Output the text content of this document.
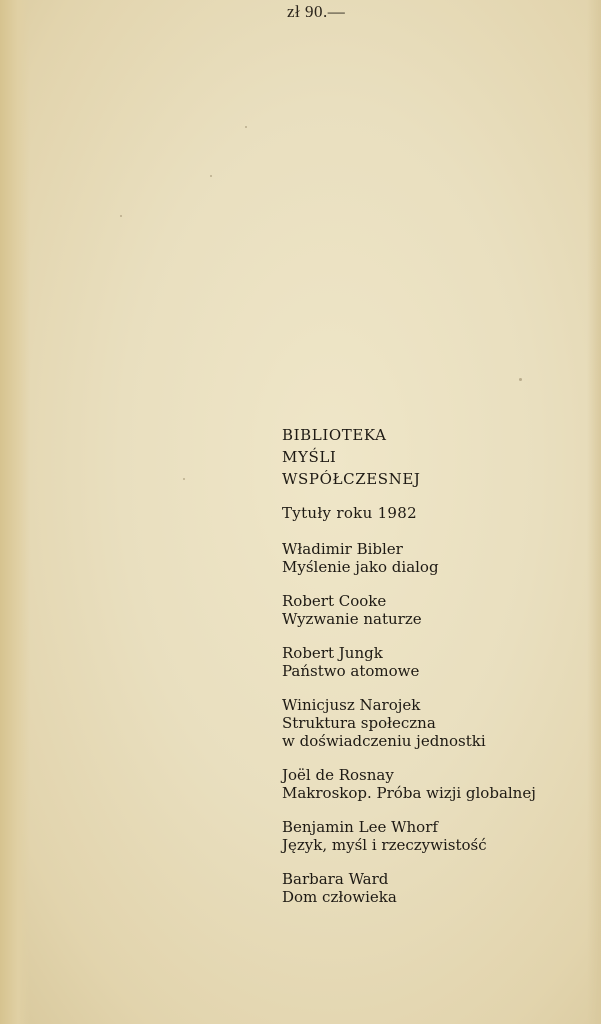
zł 90.—
BIBLIOTEKA
MYŚLI
WSPÓŁCZESNEJ
Tytuły roku 1982
Władimir Bibler
Myślenie jako dialog
Robert Cooke
Wyzwanie naturze
Robert Jungk
Państwo atomowe
Winicjusz Narojek
Struktura społeczna
w doświadczeniu jednostki
Joël de Rosnay
Makroskop. Próba wizji globalnej
Benjamin Lee Whorf
Język, myśl i rzeczywistość
Barbara Ward
Dom człowieka
